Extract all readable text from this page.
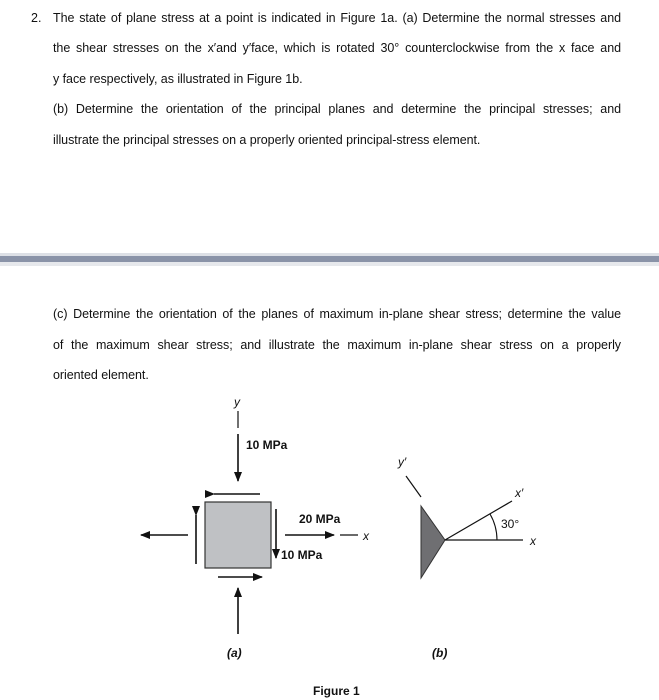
2. The state of plane stress at a point is indicated in Figure 1a. (a) Determine the normal stresses and
the shear stresses on the x′and y′face, which is rotated 30° counterclockwise from the x face and
y face respectively, as illustrated in Figure 1b.
(b) Determine the orientation of the principal planes and determine the principal stresses; and
illustrate the principal stresses on a properly oriented principal-stress element.
(c) Determine the orientation of the planes of maximum in-plane shear stress; determine the value
of the maximum shear stress; and illustrate the maximum in-plane shear stress on a properly
oriented element.
y
10 MPa
x
20 MPa
10 MPa
(a)
y′
x
x′
30°
(b)
Figure 1
